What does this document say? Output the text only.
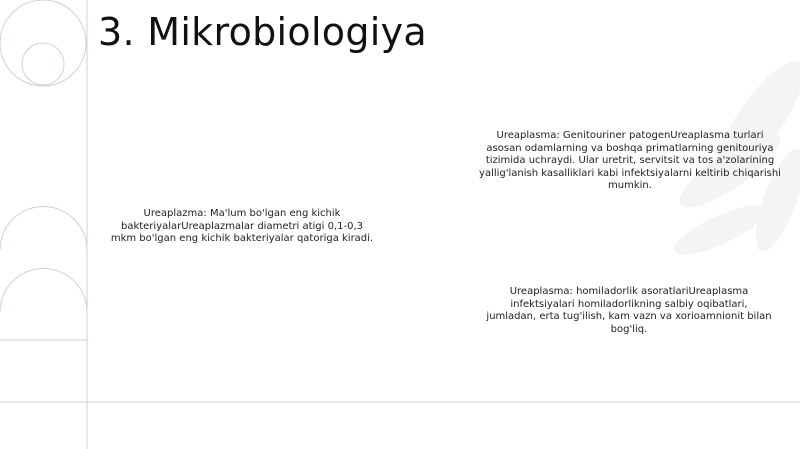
3. Mikrobiologiya

Ureaplazma: Ma'lum bo'lgan eng kichik bakteriyalarUreaplazmalar diametri atigi 0,1-0,3 mkm bo'lgan eng kichik bakteriyalar qatoriga kiradi.

Ureaplasma: Genitouriner patogenUreaplasma turlari asosan odamlarning va boshqa primatlarning genitouriya tizimida uchraydi. Ular uretrit, servitsit va tos a'zolarining yallig'lanish kasalliklari kabi infektsiyalarni keltirib chiqarishi mumkin.

Ureaplasma: homiladorlik asoratlariUreaplasma infektsiyalari homiladorlikning salbiy oqibatlari, jumladan, erta tug'ilish, kam vazn va xorioamnionit bilan bog'liq.
